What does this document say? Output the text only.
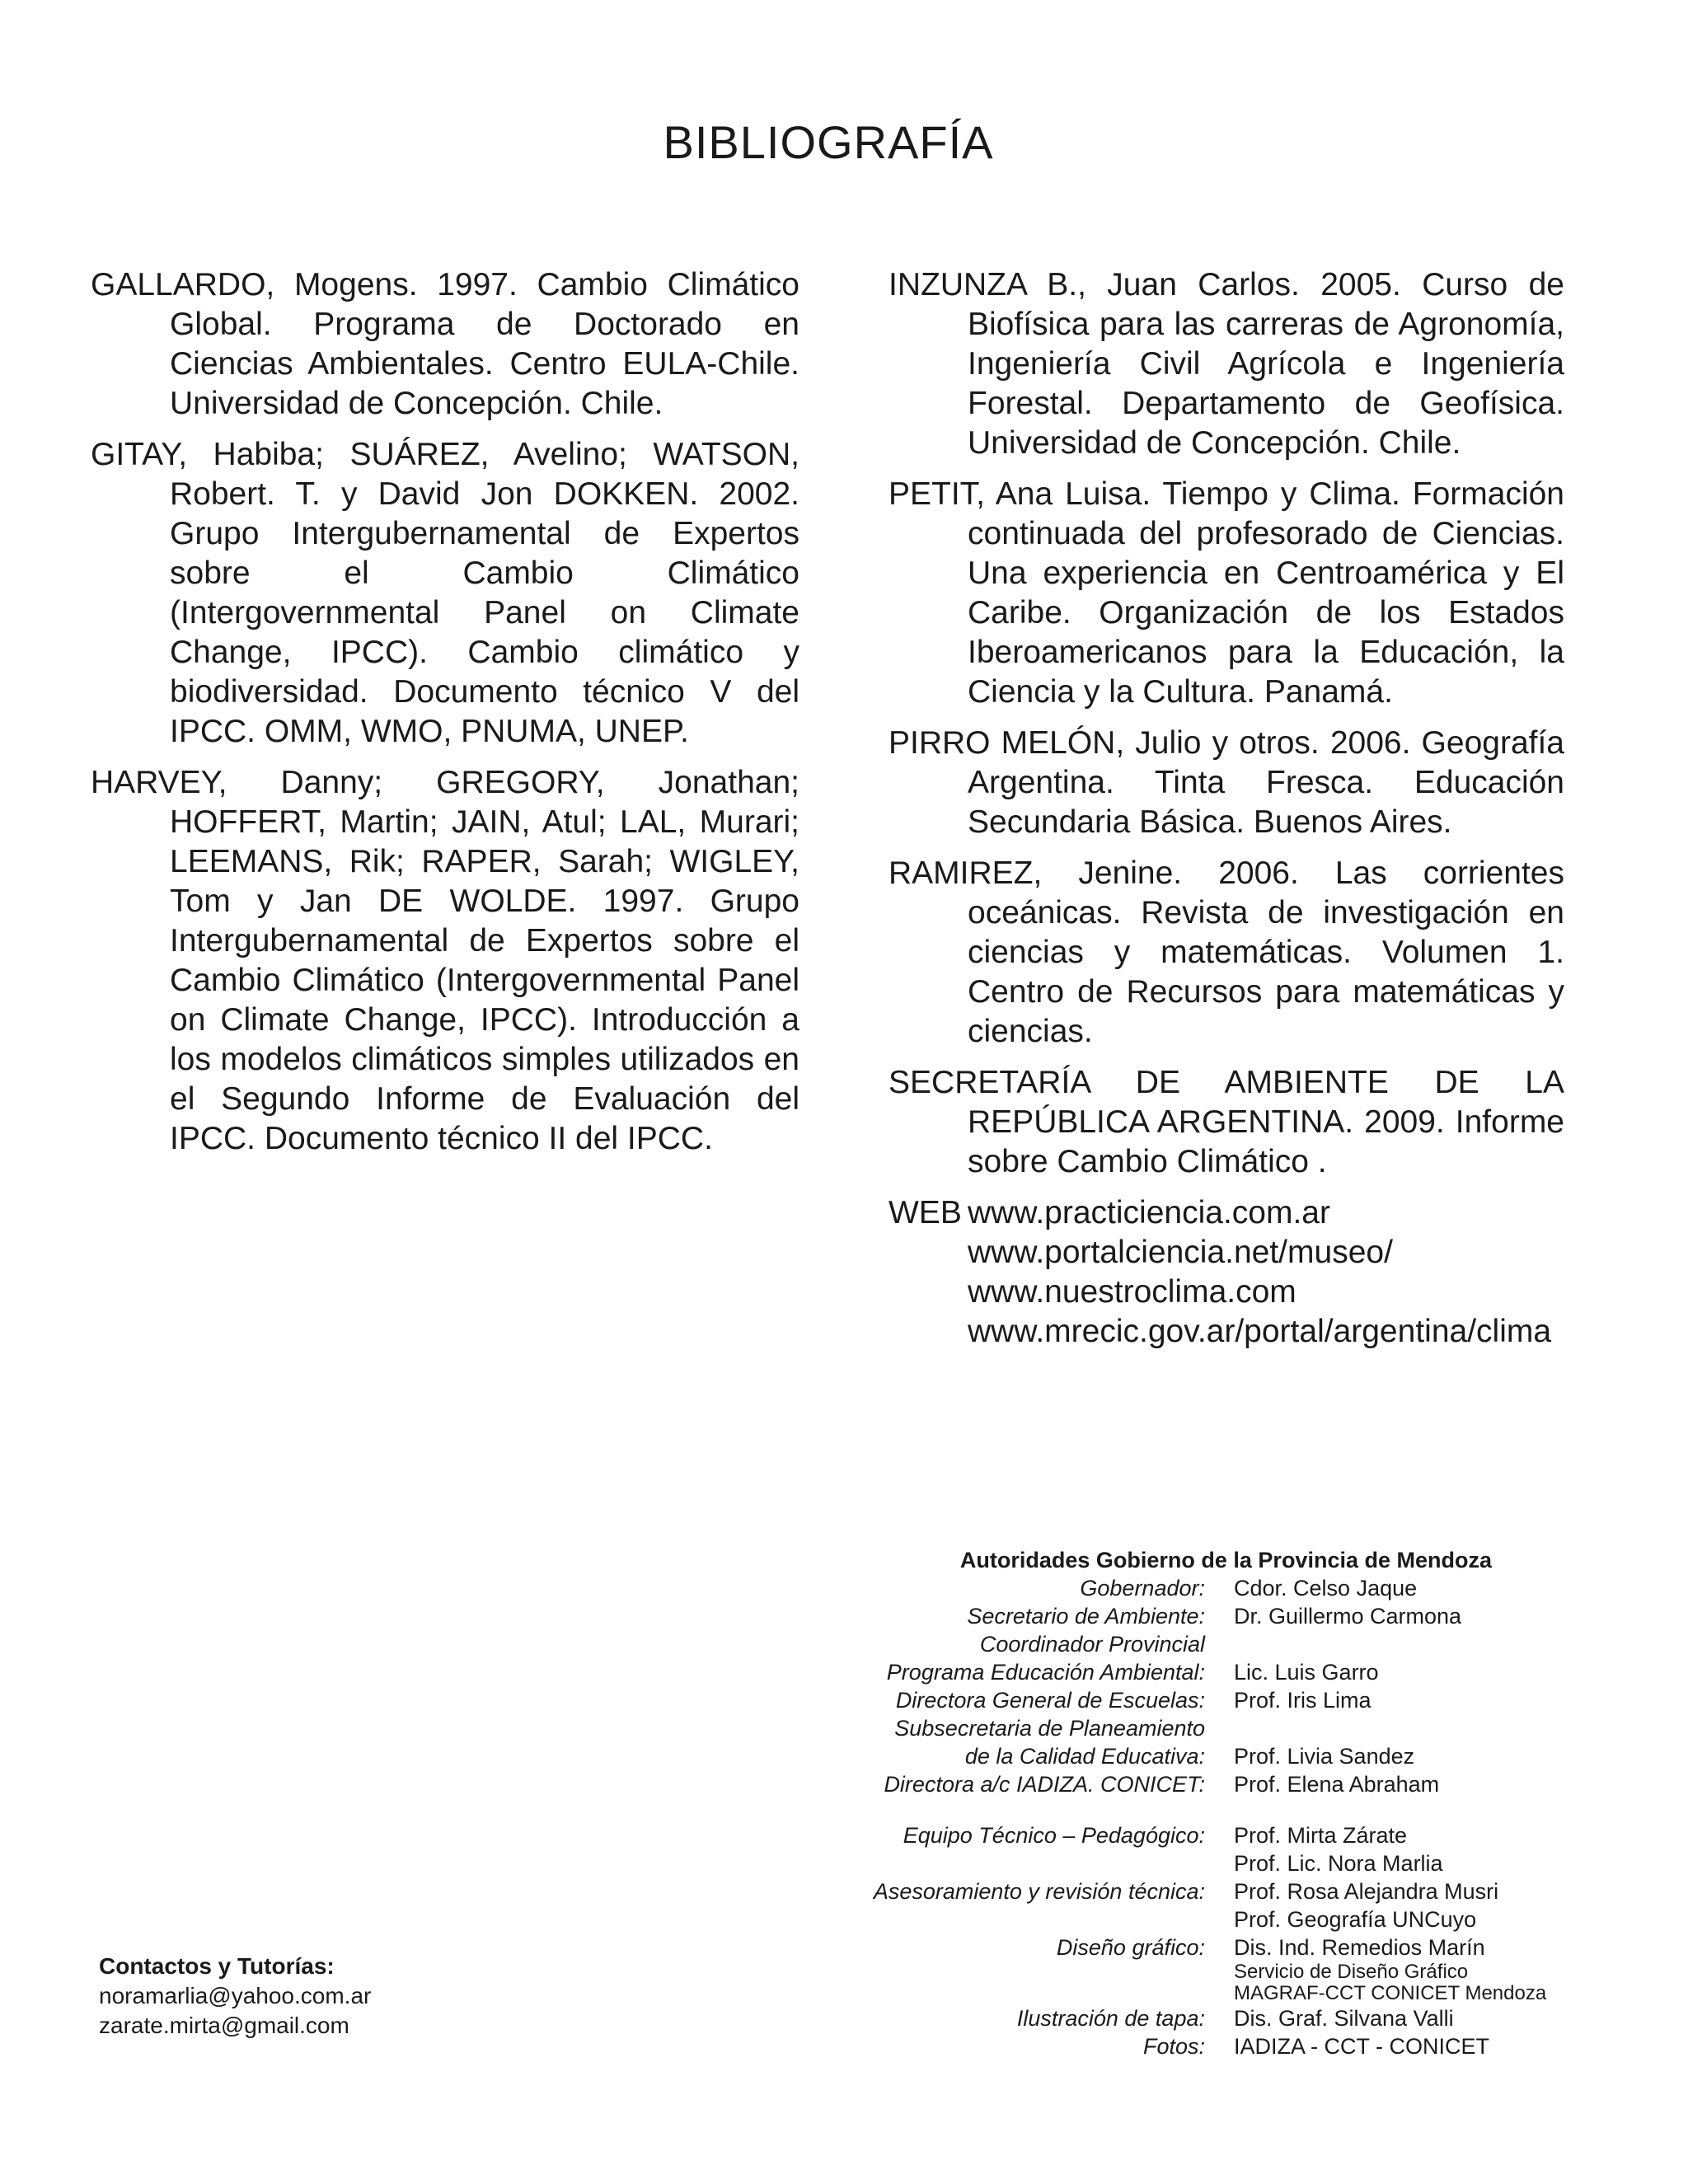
BIBLIOGRAFÍA

GALLARDO, Mogens. 1997. Cambio Climático Global. Programa de Doctorado en Ciencias Ambientales. Centro EULA-Chile. Universidad de Concepción. Chile.

GITAY, Habiba; SUÁREZ, Avelino; WATSON, Robert. T. y David Jon DOKKEN. 2002. Grupo Intergubernamental de Expertos sobre el Cambio Climático (Intergovernmental Panel on Climate Change, IPCC). Cambio climático y biodiversidad. Documento técnico V del IPCC. OMM, WMO, PNUMA, UNEP.

HARVEY, Danny; GREGORY, Jonathan; HOFFERT, Martin; JAIN, Atul; LAL, Murari; LEEMANS, Rik; RAPER, Sarah; WIGLEY, Tom y Jan DE WOLDE. 1997. Grupo Intergubernamental de Expertos sobre el Cambio Climático (Intergovernmental Panel on Climate Change, IPCC). Introducción a los modelos climáticos simples utilizados en el Segundo Informe de Evaluación del IPCC. Documento técnico II del IPCC.

INZUNZA B., Juan Carlos. 2005. Curso de Biofísica para las carreras de Agronomía, Ingeniería Civil Agrícola e Ingeniería Forestal. Departamento de Geofísica. Universidad de Concepción. Chile.

PETIT, Ana Luisa. Tiempo y Clima. Formación continuada del profesorado de Ciencias. Una experiencia en Centroamérica y El Caribe. Organización de los Estados Iberoamericanos para la Educación, la Ciencia y la Cultura. Panamá.

PIRRO MELÓN, Julio y otros. 2006. Geografía Argentina. Tinta Fresca. Educación Secundaria Básica. Buenos Aires.

RAMIREZ, Jenine. 2006. Las corrientes oceánicas. Revista de investigación en ciencias y matemáticas. Volumen 1. Centro de Recursos para matemáticas y ciencias.

SECRETARÍA DE AMBIENTE DE LA REPÚBLICA ARGENTINA. 2009. Informe sobre Cambio Climático .

WEB www.practiciencia.com.ar
www.portalciencia.net/museo/
www.nuestroclima.com
www.mrecic.gov.ar/portal/argentina/clima
Autoridades Gobierno de la Provincia de Mendoza
Gobernador: Cdor. Celso Jaque
Secretario de Ambiente: Dr. Guillermo Carmona
Coordinador Provincial
Programa Educación Ambiental: Lic. Luis Garro
Directora General de Escuelas: Prof. Iris Lima
Subsecretaria de Planeamiento
de la Calidad Educativa: Prof. Livia Sandez
Directora a/c IADIZA. CONICET: Prof. Elena Abraham
Equipo Técnico – Pedagógico: Prof. Mirta Zárate
Prof. Lic. Nora Marlia
Asesoramiento y revisión técnica: Prof. Rosa Alejandra Musri
Prof. Geografía UNCuyo
Diseño gráfico: Dis. Ind. Remedios Marín
Servicio de Diseño Gráfico
MAGRAF-CCT CONICET Mendoza
Ilustración de tapa: Dis. Graf. Silvana Valli
Fotos: IADIZA - CCT - CONICET
Contactos y Tutorías:
noramarlia@yahoo.com.ar
zarate.mirta@gmail.com
